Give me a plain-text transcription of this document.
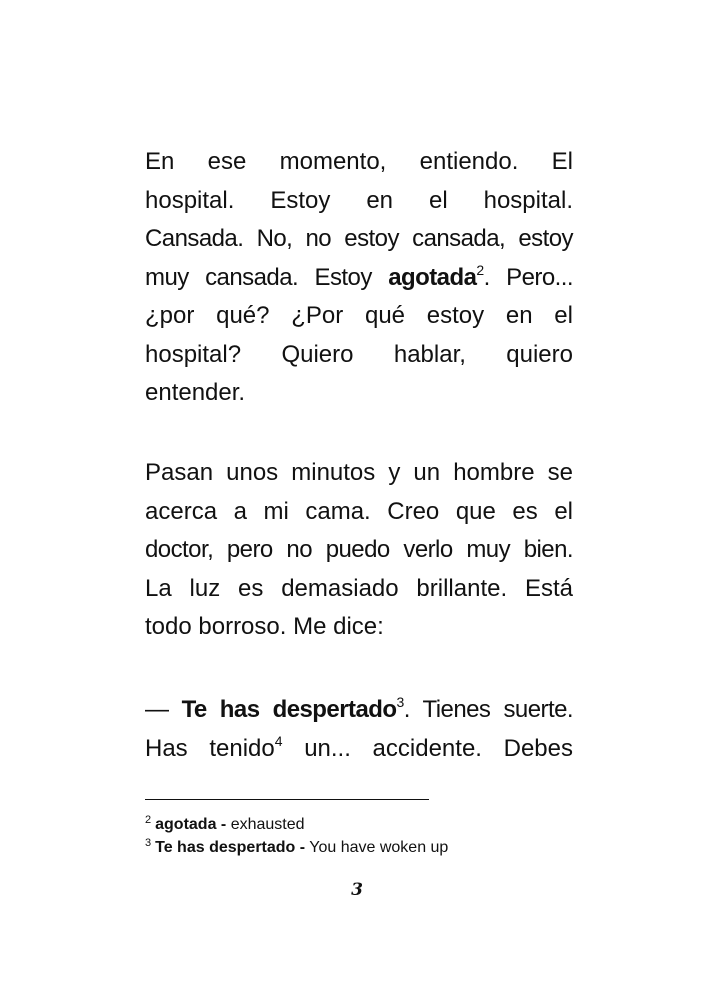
En ese momento, entiendo. El
hospital. Estoy en el hospital.
Cansada. No, no estoy cansada, estoy
muy cansada. Estoy agotada$^2$. Pero...
¿por qué? ¿Por qué estoy en el
hospital? Quiero hablar, quiero
entender.
Pasan unos minutos y un hombre se
acerca a mi cama. Creo que es el
doctor, pero no puedo verlo muy bien.
La luz es demasiado brillante. Está
todo borroso. Me dice:
— Te has despertado$^3$. Tienes suerte.
Has tenido$^4$ un... accidente. Debes
$^2$ agotada - exhausted
$^3$ Te has despertado - You have woken up
3
